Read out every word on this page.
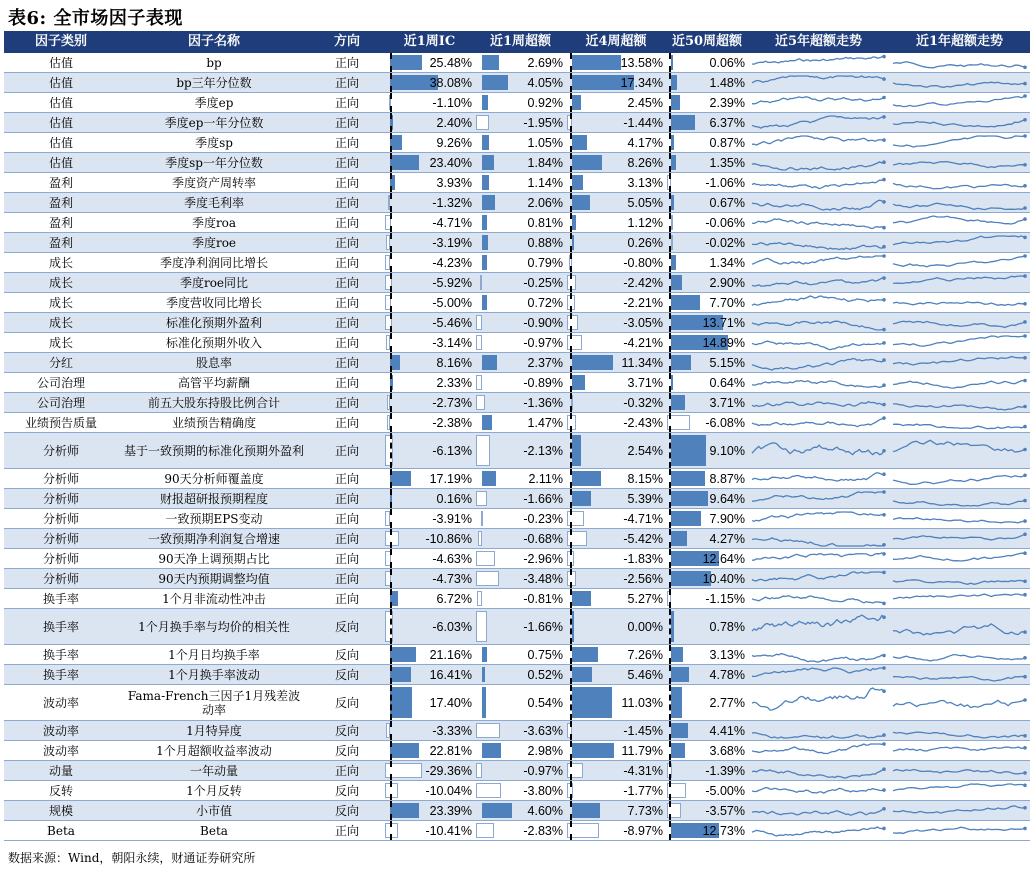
表6: 全市场因子表现
因子类别	因子名称	方向	近1周IC	近1周超额	近4周超额	近50周超额	近5年超额走势	近1年超额走势
估值	bp	正向	25.48%	2.69%	13.58%	0.06%
估值	bp三年分位数	正向	38.08%	4.05%	17.34%	1.48%
估值	季度ep	正向	-1.10%	0.92%	2.45%	2.39%
估值	季度ep一年分位数	正向	2.40%	-1.95%	-1.44%	6.37%
估值	季度sp	正向	9.26%	1.05%	4.17%	0.87%
估值	季度sp一年分位数	正向	23.40%	1.84%	8.26%	1.35%
盈利	季度资产周转率	正向	3.93%	1.14%	3.13%	-1.06%
盈利	季度毛利率	正向	-1.32%	2.06%	5.05%	0.67%
盈利	季度roa	正向	-4.71%	0.81%	1.12%	-0.06%
盈利	季度roe	正向	-3.19%	0.88%	0.26%	-0.02%
成长	季度净利润同比增长	正向	-4.23%	0.79%	-0.80%	1.34%
成长	季度roe同比	正向	-5.92%	-0.25%	-2.42%	2.90%
成长	季度营收同比增长	正向	-5.00%	0.72%	-2.21%	7.70%
成长	标准化预期外盈利	正向	-5.46%	-0.90%	-3.05%	13.71%
成长	标准化预期外收入	正向	-3.14%	-0.97%	-4.21%	14.89%
分红	股息率	正向	8.16%	2.37%	11.34%	5.15%
公司治理	高管平均薪酬	正向	2.33%	-0.89%	3.71%	0.64%
公司治理	前五大股东持股比例合计	正向	-2.73%	-1.36%	-0.32%	3.71%
业绩预告质量	业绩预告精确度	正向	-2.38%	1.47%	-2.43%	-6.08%
分析师	基于一致预期的标准化预期外盈利	正向	-6.13%	-2.13%	2.54%	9.10%
分析师	90天分析师覆盖度	正向	17.19%	2.11%	8.15%	8.87%
分析师	财报超研报预期程度	正向	0.16%	-1.66%	5.39%	9.64%
分析师	一致预期EPS变动	正向	-3.91%	-0.23%	-4.71%	7.90%
分析师	一致预期净利润复合增速	正向	-10.86%	-0.68%	-5.42%	4.27%
分析师	90天净上调预期占比	正向	-4.63%	-2.96%	-1.83%	12.64%
分析师	90天内预期调整均值	正向	-4.73%	-3.48%	-2.56%	10.40%
换手率	1个月非流动性冲击	正向	6.72%	-0.81%	5.27%	-1.15%
换手率	1个月换手率与均价的相关性	反向	-6.03%	-1.66%	0.00%	0.78%
换手率	1个月日均换手率	反向	21.16%	0.75%	7.26%	3.13%
换手率	1个月换手率波动	反向	16.41%	0.52%	5.46%	4.78%
波动率	Fama-French三因子1月残差波动率	反向	17.40%	0.54%	11.03%	2.77%
波动率	1月特异度	反向	-3.33%	-3.63%	-1.45%	4.41%
波动率	1个月超额收益率波动	反向	22.81%	2.98%	11.79%	3.68%
动量	一年动量	正向	-29.36%	-0.97%	-4.31%	-1.39%
反转	1个月反转	反向	-10.04%	-3.80%	-1.77%	-5.00%
规模	小市值	反向	23.39%	4.60%	7.73%	-3.57%
Beta	Beta	正向	-10.41%	-2.83%	-8.97%	12.73%
数据来源：Wind，朝阳永续，财通证券研究所
